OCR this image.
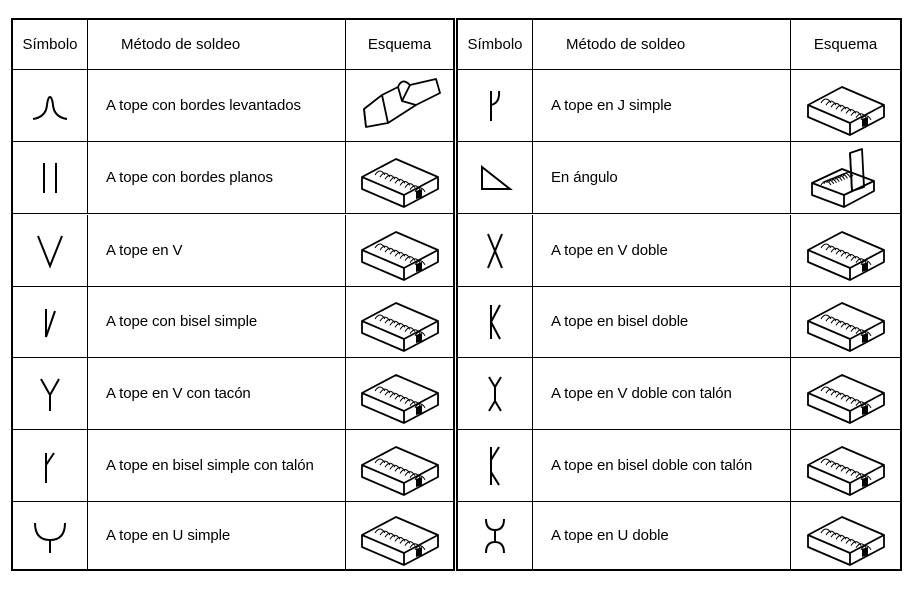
Símbolo	Método de soldeo	Esquema
A tope con bordes levantados
A tope con bordes planos
A tope en V
A tope con bisel simple
A tope en V con tacón
A tope en bisel simple con talón
A tope en U simple
Símbolo	Método de soldeo	Esquema
A tope en J simple
En ángulo
A tope en V doble
A tope en bisel doble
A tope en V doble con talón
A tope en bisel doble con talón
A tope en U doble
